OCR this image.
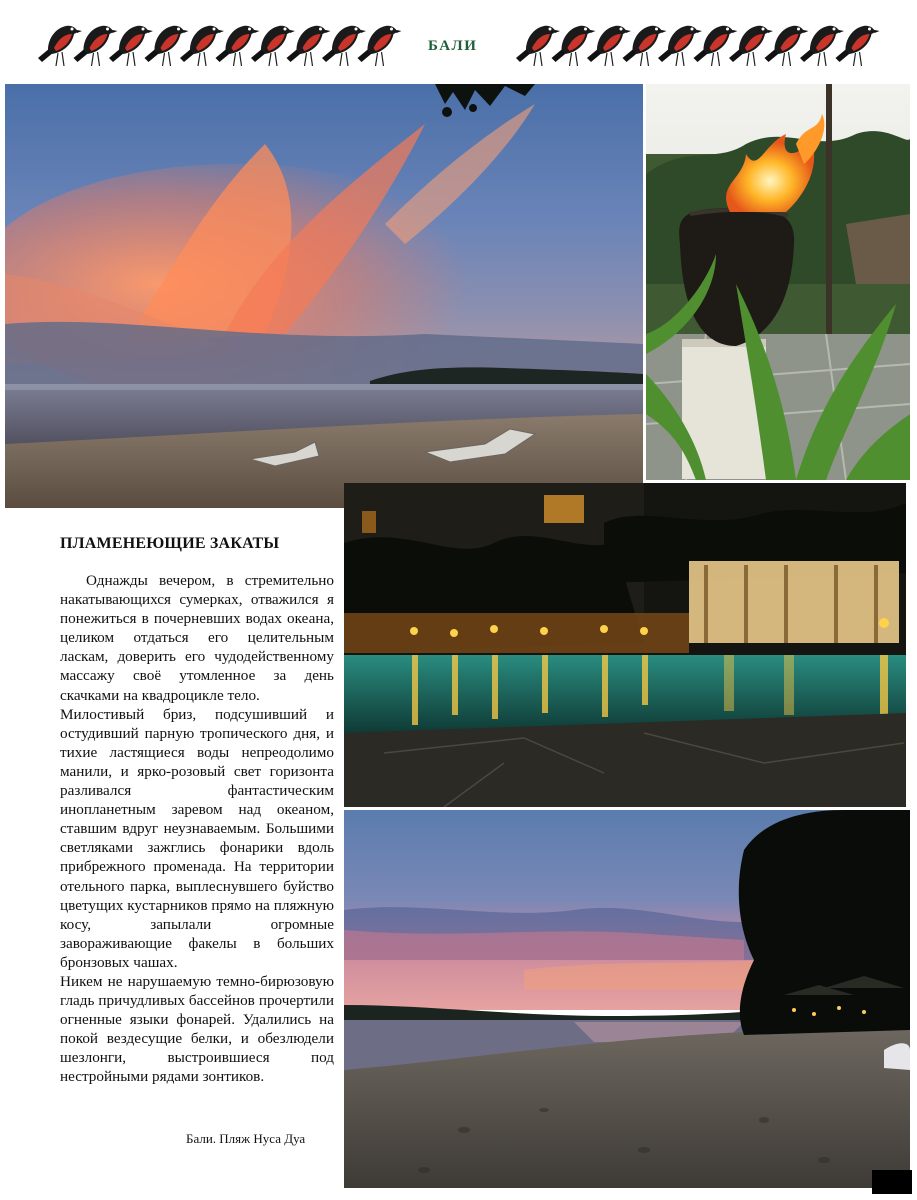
БАЛИ
ПЛАМЕНЕЮЩИЕ ЗАКАТЫ

Однажды вечером, в стремительно накатывающихся сумерках, отважился я понежиться в почерневших водах океана, целиком отдаться его целительным ласкам, доверить его чудодейственному массажу своё утомленное за день скачками на квадроцикле тело.

Милостивый бриз, подсушивший и остудивший парную тропического дня, и тихие ластящиеся воды непреодолимо манили, и ярко-розовый свет горизонта разливался фантастическим инопланетным заревом над океаном, ставшим вдруг неузнаваемым. Большими светляками зажглись фонарики вдоль прибрежного променада. На территории отельного парка, выплеснувшего буйство цветущих кустарников прямо на пляжную косу, запылали огромные завораживающие факелы в больших бронзовых чашах.

Никем не нарушаемую темно-бирюзовую гладь причудливых бассейнов прочертили огненные языки фонарей. Удалились на покой вездесущие белки, и обезлюдели шезлонги, выстроившиеся под нестройными рядами зонтиков.

Бали. Пляж Нуса Дуа
